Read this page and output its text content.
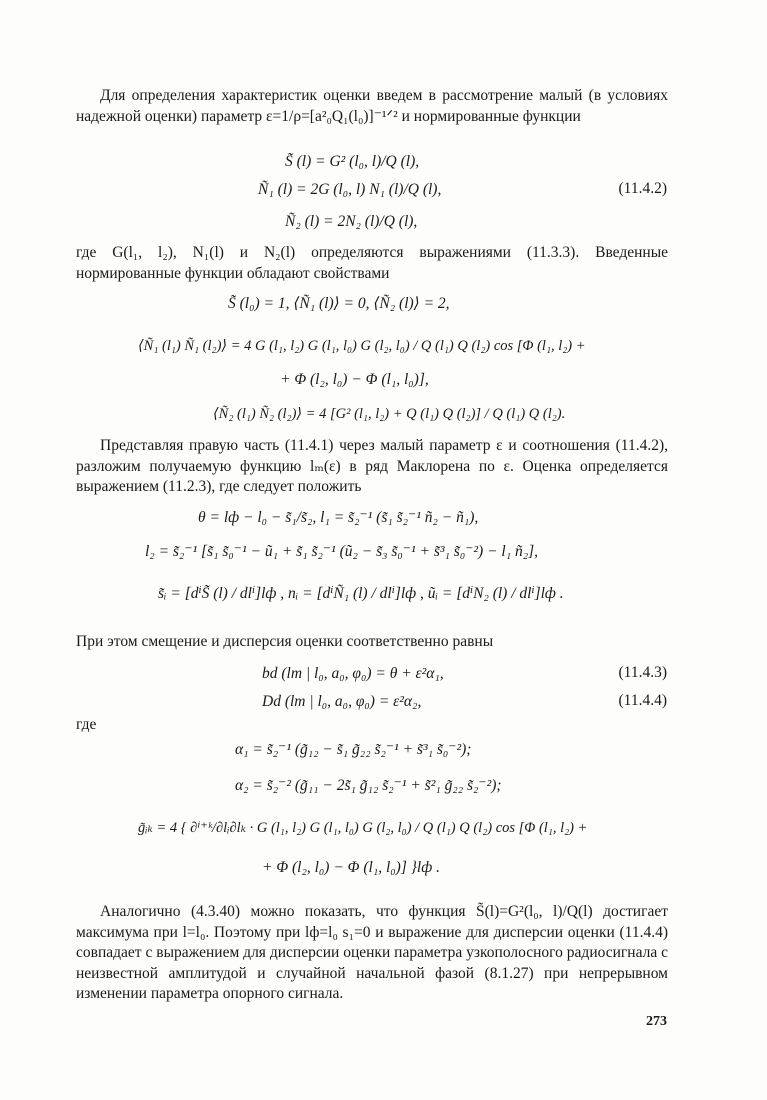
Для определения характеристик оценки введем в рассмотрение малый (в условиях надежной оценки) параметр ε=1/ρ=[a²₀Q₁(l₀)]⁻¹ᐟ² и нормированные функции

S̃ (l) = G² (l₀, l)/Q (l),
Ñ₁ (l) = 2G (l₀, l) N₁ (l)/Q (l),	(11.4.2)
Ñ₂ (l) = 2N₂ (l)/Q (l),

где G(l₁, l₂), N₁(l) и N₂(l) определяются выражениями (11.3.3). Введенные нормированные функции обладают свойствами

S̃ (l₀) = 1, ⟨Ñ₁ (l)⟩ = 0, ⟨Ñ₂ (l)⟩ = 2,
⟨Ñ₁ (l₁) Ñ₁ (l₂)⟩ = 4 G (l₁, l₂) G (l₁, l₀) G (l₂, l₀) / Q (l₁) Q (l₂) cos [Φ (l₁, l₂) +
+ Φ (l₂, l₀) − Φ (l₁, l₀)],
⟨Ñ₂ (l₁) Ñ₂ (l₂)⟩ = 4 [G² (l₁, l₂) + Q (l₁) Q (l₂)] / Q (l₁) Q (l₂).

Представляя правую часть (11.4.1) через малый параметр ε и соотношения (11.4.2), разложим получаемую функцию lₘ(ε) в ряд Маклорена по ε. Оценка определяется выражением (11.2.3), где следует положить

θ = lф − l₀ − s̃₁/s̃₂, l₁ = s̃₂⁻¹ (s̃₁ s̃₂⁻¹ ñ₂ − ñ₁),
l₂ = s̃₂⁻¹ [s̃₁ s̃₀⁻¹ − ũ₁ + s̃₁ s̃₂⁻¹ (ũ₂ − s̃₃ s̃₀⁻¹ + s̃³₁ s̃₀⁻²) − l₁ ñ₂],
s̃ᵢ = [dⁱS̃ (l) / dlⁱ]lф , nᵢ = [dⁱÑ₁ (l) / dlⁱ]lф , ũᵢ = [dⁱN₂ (l) / dlⁱ]lф .

При этом смещение и дисперсия оценки соответственно равны

bd (lm | l₀, a₀, φ₀) = θ + ε²α₁,	(11.4.3)
Dd (lm | l₀, a₀, φ₀) = ε²α₂,	(11.4.4)
где
α₁ = s̃₂⁻¹ (g̃₁₂ − s̃₁ g̃₂₂ s̃₂⁻¹ + s̃³₁ s̃₀⁻²);
α₂ = s̃₂⁻² (g̃₁₁ − 2s̃₁ g̃₁₂ s̃₂⁻¹ + s̃²₁ g̃₂₂ s̃₂⁻²);
g̃ᵢₖ = 4 { ∂ⁱ⁺ᵏ/∂lᵢ∂lₖ · G (l₁, l₂) G (l₁, l₀) G (l₂, l₀) / Q (l₁) Q (l₂) cos [Φ (l₁, l₂) +
+ Φ (l₂, l₀) − Φ (l₁, l₀)] }lф .

Аналогично (4.3.40) можно показать, что функция S̃(l)=G²(l₀, l)/Q(l) достигает максимума при l=l₀. Поэтому при lф=l₀ s₁=0 и выражение для дисперсии оценки (11.4.4) совпадает с выражением для дисперсии оценки параметра узкополосного радиосигнала с неизвестной амплитудой и случайной начальной фазой (8.1.27) при непрерывном изменении параметра опорного сигнала.

273
